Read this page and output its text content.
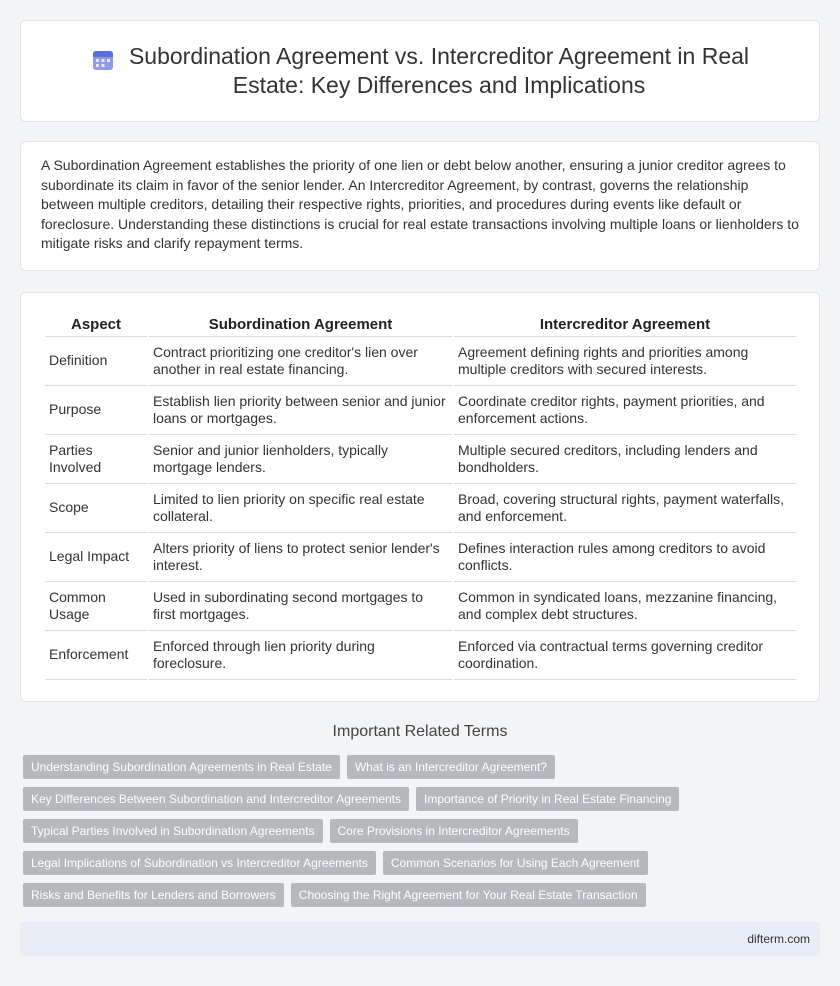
Subordination Agreement vs. Intercreditor Agreement in Real
Estate: Key Differences and Implications

A Subordination Agreement establishes the priority of one lien or debt below another, ensuring a junior creditor agrees to subordinate its claim in favor of the senior lender. An Intercreditor Agreement, by contrast, governs the relationship between multiple creditors, detailing their respective rights, priorities, and procedures during events like default or foreclosure. Understanding these distinctions is crucial for real estate transactions involving multiple loans or lienholders to mitigate risks and clarify repayment terms.

Aspect	Subordination Agreement	Intercreditor Agreement
Definition	Contract prioritizing one creditor's lien over another in real estate financing.	Agreement defining rights and priorities among multiple creditors with secured interests.
Purpose	Establish lien priority between senior and junior loans or mortgages.	Coordinate creditor rights, payment priorities, and enforcement actions.
Parties Involved	Senior and junior lienholders, typically mortgage lenders.	Multiple secured creditors, including lenders and bondholders.
Scope	Limited to lien priority on specific real estate collateral.	Broad, covering structural rights, payment waterfalls, and enforcement.
Legal Impact	Alters priority of liens to protect senior lender's interest.	Defines interaction rules among creditors to avoid conflicts.
Common Usage	Used in subordinating second mortgages to first mortgages.	Common in syndicated loans, mezzanine financing, and complex debt structures.
Enforcement	Enforced through lien priority during foreclosure.	Enforced via contractual terms governing creditor coordination.
Important Related Terms
Understanding Subordination Agreements in Real Estate	What is an Intercreditor Agreement?
Key Differences Between Subordination and Intercreditor Agreements	Importance of Priority in Real Estate Financing
Typical Parties Involved in Subordination Agreements	Core Provisions in Intercreditor Agreements
Legal Implications of Subordination vs Intercreditor Agreements	Common Scenarios for Using Each Agreement
Risks and Benefits for Lenders and Borrowers	Choosing the Right Agreement for Your Real Estate Transaction
difterm.com
